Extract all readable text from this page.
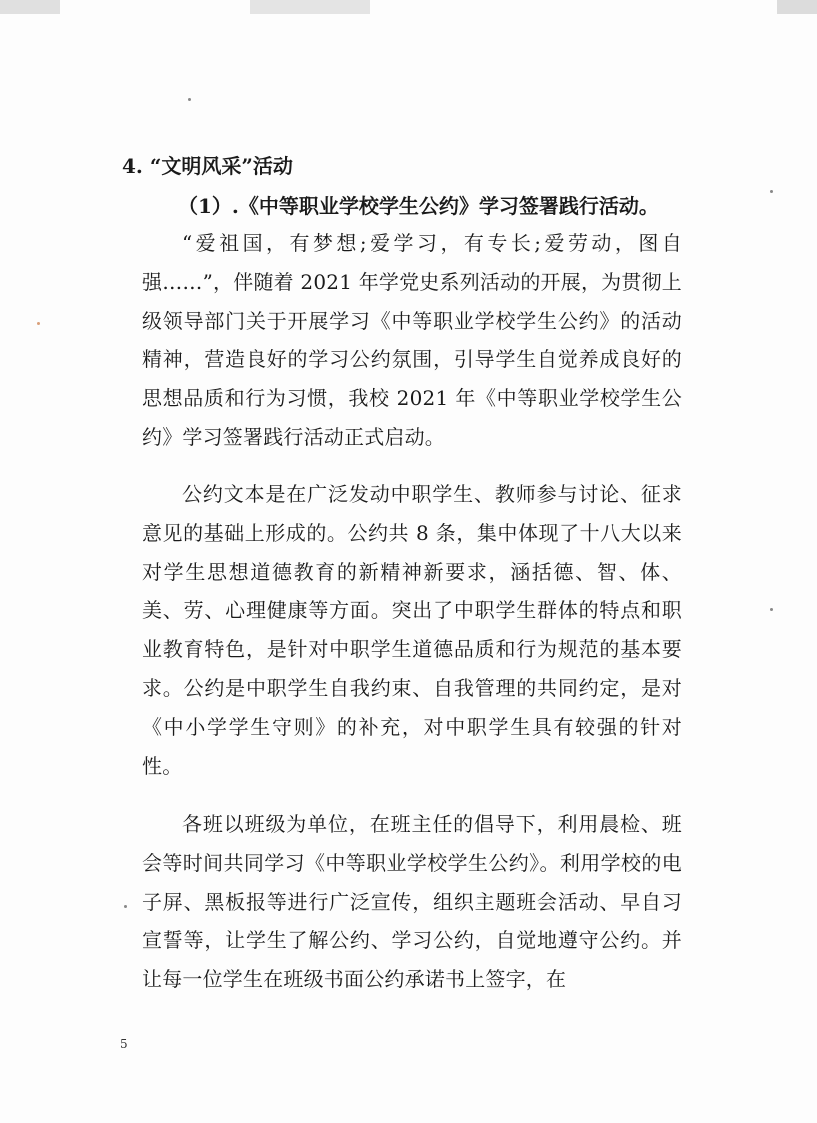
4. “文明风采”活动
（1）.《中等职业学校学生公约》学习签署践行活动。

“爱祖国，有梦想;爱学习，有专长;爱劳动，图自强……”，伴随着 2021 年学党史系列活动的开展，为贯彻上级领导部门关于开展学习《中等职业学校学生公约》的活动精神，营造良好的学习公约氛围，引导学生自觉养成良好的思想品质和行为习惯，我校 2021 年《中等职业学校学生公约》学习签署践行活动正式启动。

公约文本是在广泛发动中职学生、教师参与讨论、征求意见的基础上形成的。公约共 8 条，集中体现了十八大以来对学生思想道德教育的新精神新要求，涵括德、智、体、美、劳、心理健康等方面。突出了中职学生群体的特点和职业教育特色，是针对中职学生道德品质和行为规范的基本要求。公约是中职学生自我约束、自我管理的共同约定，是对《中小学学生守则》的补充，对中职学生具有较强的针对性。

各班以班级为单位，在班主任的倡导下，利用晨检、班会等时间共同学习《中等职业学校学生公约》。利用学校的电子屏、黑板报等进行广泛宣传，组织主题班会活动、早自习宣誓等，让学生了解公约、学习公约，自觉地遵守公约。并让每一位学生在班级书面公约承诺书上签字，在

5
